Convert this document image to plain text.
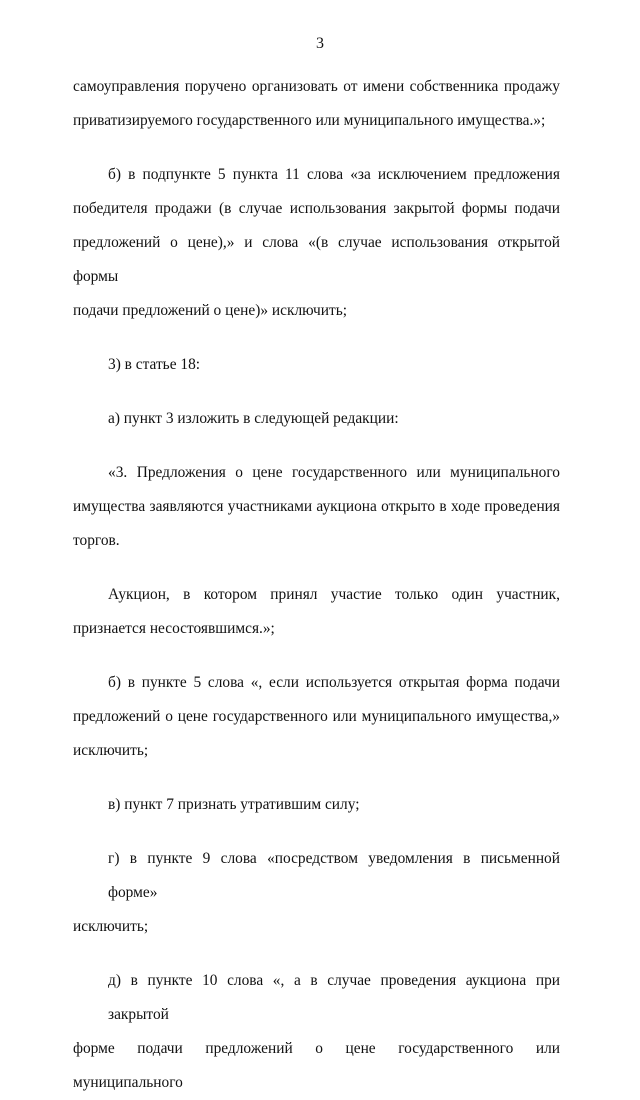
3
самоуправления поручено организовать от имени собственника продажу
приватизируемого государственного или муниципального имущества.»;
б) в подпункте 5 пункта 11 слова «за исключением предложения
победителя продажи (в случае использования закрытой формы подачи
предложений о цене),» и слова «(в случае использования открытой формы
подачи предложений о цене)» исключить;
3) в статье 18:
а) пункт 3 изложить в следующей редакции:
«3. Предложения о цене государственного или муниципального
имущества заявляются участниками аукциона открыто в ходе проведения
торгов.
Аукцион, в котором принял участие только один участник,
признается несостоявшимся.»;
б) в пункте 5 слова «, если используется открытая форма подачи
предложений о цене государственного или муниципального имущества,»
исключить;
в) пункт 7 признать утратившим силу;
г) в пункте 9 слова «посредством уведомления в письменной форме»
исключить;
д) в пункте 10 слова «, а в случае проведения аукциона при закрытой
форме подачи предложений о цене государственного или муниципального
